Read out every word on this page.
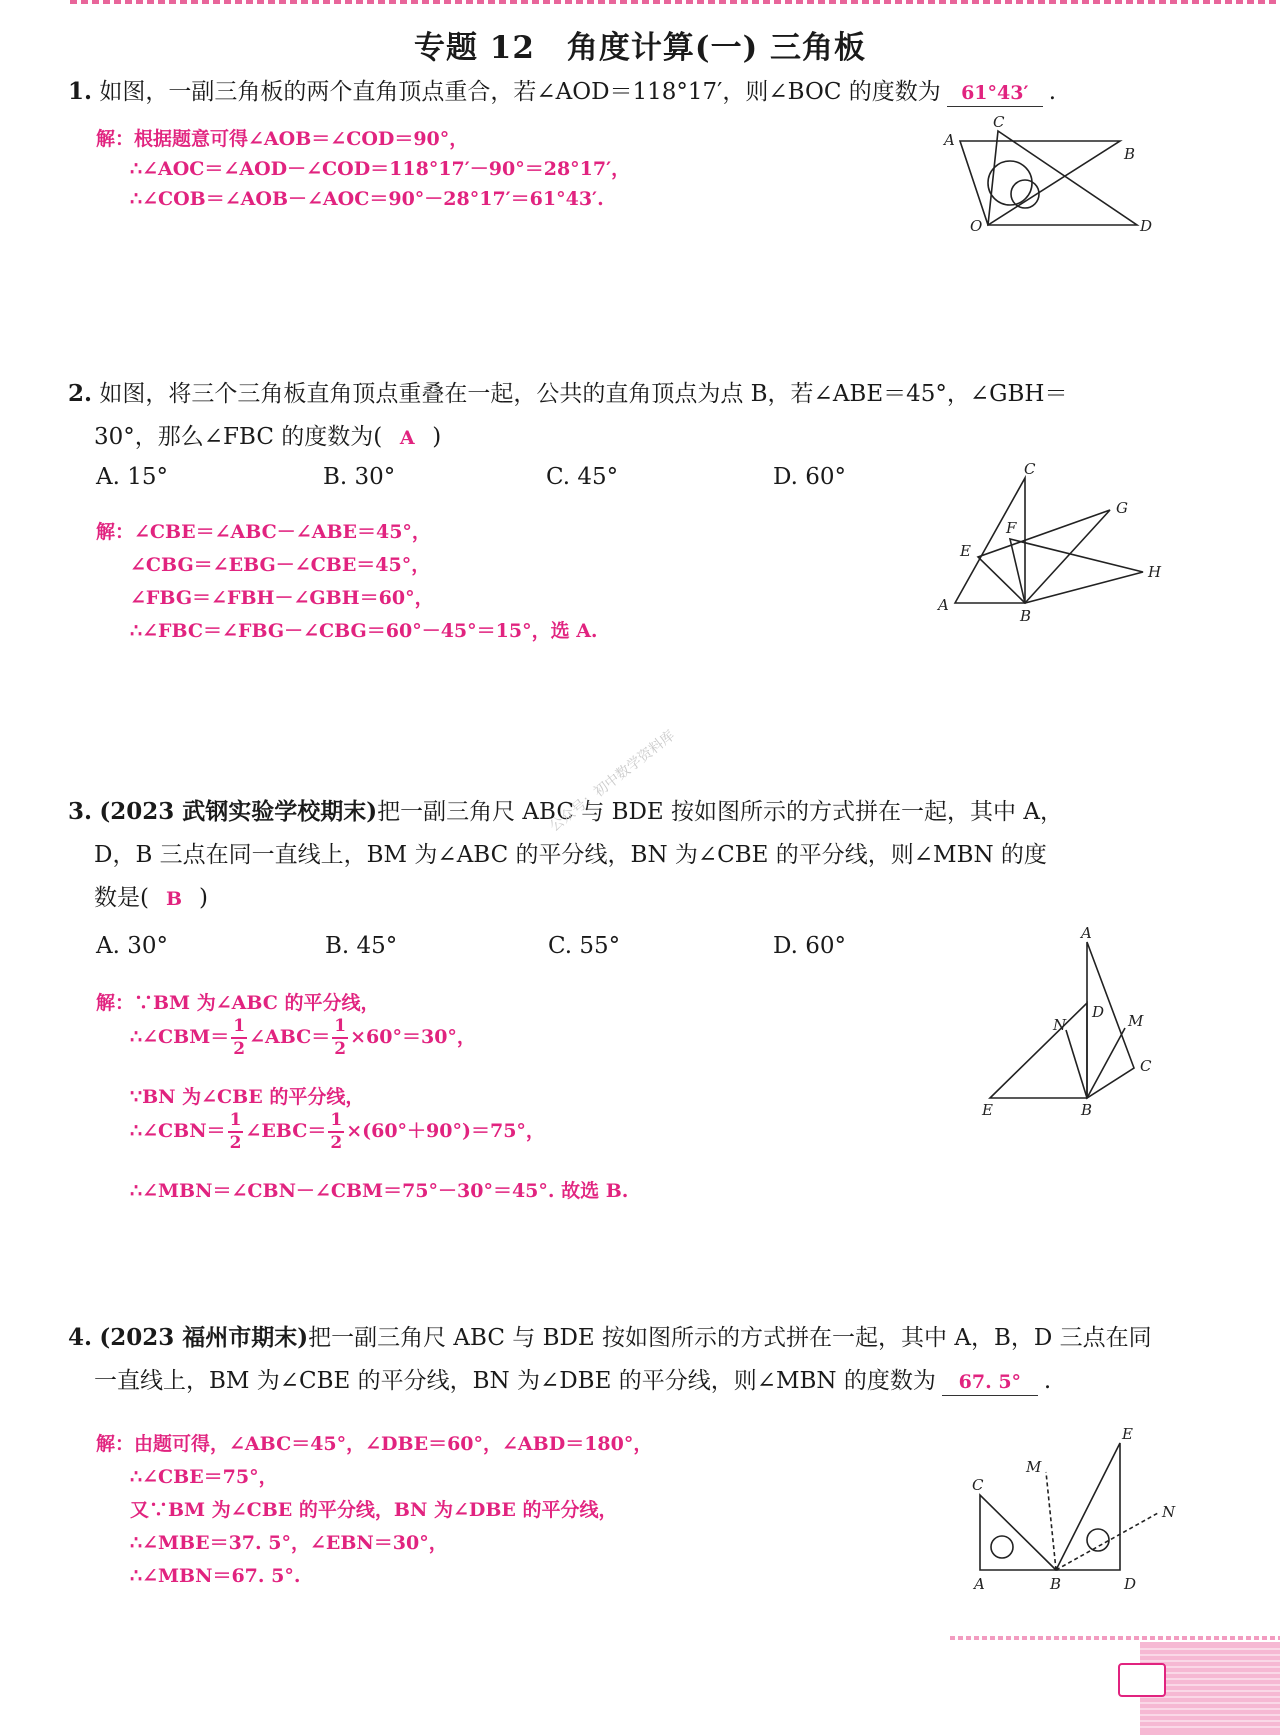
专题 12　角度计算(一) 三角板
1. 如图，一副三角板的两个直角顶点重合，若∠AOD＝118°17′，则∠BOC 的度数为 61°43′ .
解：根据题意可得∠AOB＝∠COD＝90°，
∴∠AOC＝∠AOD－∠COD＝118°17′－90°＝28°17′，
∴∠COB＝∠AOB－∠AOC＝90°－28°17′＝61°43′.
A
B
C
D
O
2. 如图，将三个三角板直角顶点重叠在一起，公共的直角顶点为点 B，若∠ABE＝45°，∠GBH＝
30°，那么∠FBC 的度数为( A )
A. 15°	B. 30°	C. 45°	D. 60°
解：∠CBE＝∠ABC－∠ABE＝45°，
∠CBG＝∠EBG－∠CBE＝45°，
∠FBG＝∠FBH－∠GBH＝60°，
∴∠FBC＝∠FBG－∠CBG＝60°－45°＝15°，选 A.
A
B
C
E
F
G
H
3. (2023 武钢实验学校期末)把一副三角尺 ABC 与 BDE 按如图所示的方式拼在一起，其中 A，
D，B 三点在同一直线上，BM 为∠ABC 的平分线，BN 为∠CBE 的平分线，则∠MBN 的度
数是( B )
A. 30°	B. 45°	C. 55°	D. 60°
解：∵BM 为∠ABC 的平分线，
∴∠CBM＝ $\frac{1}{2}$ ∠ABC＝ $\frac{1}{2} \times 60^\circ=30^\circ$，
∵BN 为∠CBE 的平分线，
∴∠CBN＝ $\frac{1}{2}$ ∠EBC＝ $\frac{1}{2} \times(60^\circ+90^\circ)=75^\circ$，
∴∠MBN＝∠CBN－∠CBM＝75°－30°＝45°. 故选 B.
A
B
C
D
E
M
N
公众号：初中数学资料库
4. (2023 福州市期末)把一副三角尺 ABC 与 BDE 按如图所示的方式拼在一起，其中 A，B，D 三点在同
一直线上，BM 为∠CBE 的平分线，BN 为∠DBE 的平分线，则∠MBN 的度数为 67. 5° .
解：由题可得，∠ABC＝45°，∠DBE＝60°，∠ABD＝180°，
∴∠CBE＝75°，
又∵BM 为∠CBE 的平分线，BN 为∠DBE 的平分线，
∴∠MBE＝37. 5°，∠EBN＝30°，
∴∠MBN＝67. 5°.	A	B
C
D
E
M
N
